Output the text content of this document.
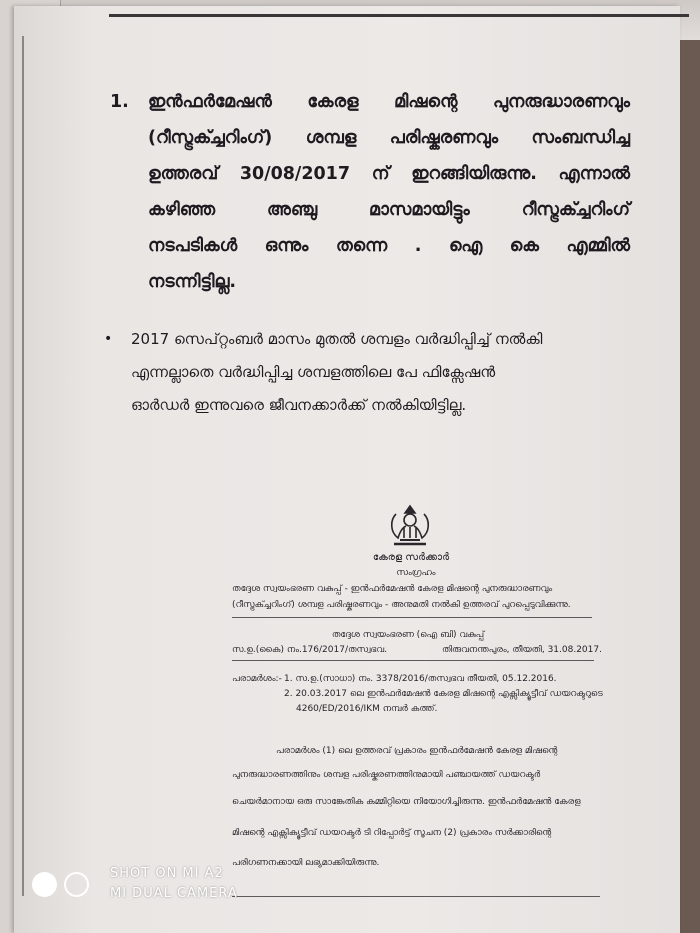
1. ഇൻഫർമേഷൻ കേരള മിഷന്റെ പുനരുദ്ധാരണവും
(റീസ്ട്രക്ച്ചറിംഗ്) ശമ്പള പരിഷ്കരണവും സംബന്ധിച്ച
ഉത്തരവ് 30/08/2017 ന് ഇറങ്ങിയിരുന്നു. എന്നാൽ
കഴിഞ്ഞ അഞ്ചു മാസമായിട്ടും റീസ്ട്രക്ച്ചറിംഗ്
നടപടികൾ ഒന്നും തന്നെ . ഐ കെ എമ്മിൽ
നടന്നിട്ടില്ല.
• 2017 സെപ്റ്റംബർ മാസം മുതൽ ശമ്പളം വർദ്ധിപ്പിച്ച് നൽകി
എന്നല്ലാതെ വർദ്ധിപ്പിച്ച ശമ്പളത്തിലെ പേ ഫിക്സേഷൻ
ഓർഡർ ഇന്നുവരെ ജീവനക്കാർക്ക് നൽകിയിട്ടില്ല.
കേരള സർക്കാർ
സംഗ്രഹം
തദ്ദേശ സ്വയംഭരണ വകുപ്പ് - ഇൻഫർമേഷൻ കേരള മിഷന്റെ പുനരുദ്ധാരണവും
(റീസ്ട്രക്ച്ചറിംഗ്) ശമ്പള പരിഷ്കരണവും - അനുമതി നൽകി ഉത്തരവ് പുറപ്പെടുവിക്കുന്നു.
തദ്ദേശ സ്വയംഭരണ (ഐ ബി) വകുപ്പ്
സ.ഉ.(കൈ) നം.176/2017/തസ്വഭവ.	തിരുവനന്തപുരം, തീയതി, 31.08.2017.
പരാമർശം:- 1. സ.ഉ.(സാധാ) നം. 3378/2016/തസ്വഭവ തീയതി, 05.12.2016.
2. 20.03.2017 ലെ ഇൻഫർമേഷൻ കേരള മിഷന്റെ എക്സിക്യൂട്ടീവ് ഡയറക്ടറുടെ
4260/ED/2016/IKM നമ്പർ കത്ത്.
പരാമർശം (1) ലെ ഉത്തരവ് പ്രകാരം ഇൻഫർമേഷൻ കേരള മിഷന്റെ
പുനരുദ്ധാരണത്തിനും ശമ്പള പരിഷ്കരണത്തിനുമായി പഞ്ചായത്ത് ഡയറക്ടർ
ചെയർമാനായ ഒരു സാങ്കേതിക കമ്മിറ്റിയെ നിയോഗിച്ചിരുന്നു. ഇൻഫർമേഷൻ കേരള
മിഷന്റെ എക്സിക്യൂട്ടീവ് ഡയറക്ടർ ടി റിപ്പോർട്ട് സൂചന (2) പ്രകാരം സർക്കാരിന്റെ
പരിഗണനക്കായി ലഭ്യമാക്കിയിരുന്നു.
SHOT ON MI A2
MI DUAL CAMERA
